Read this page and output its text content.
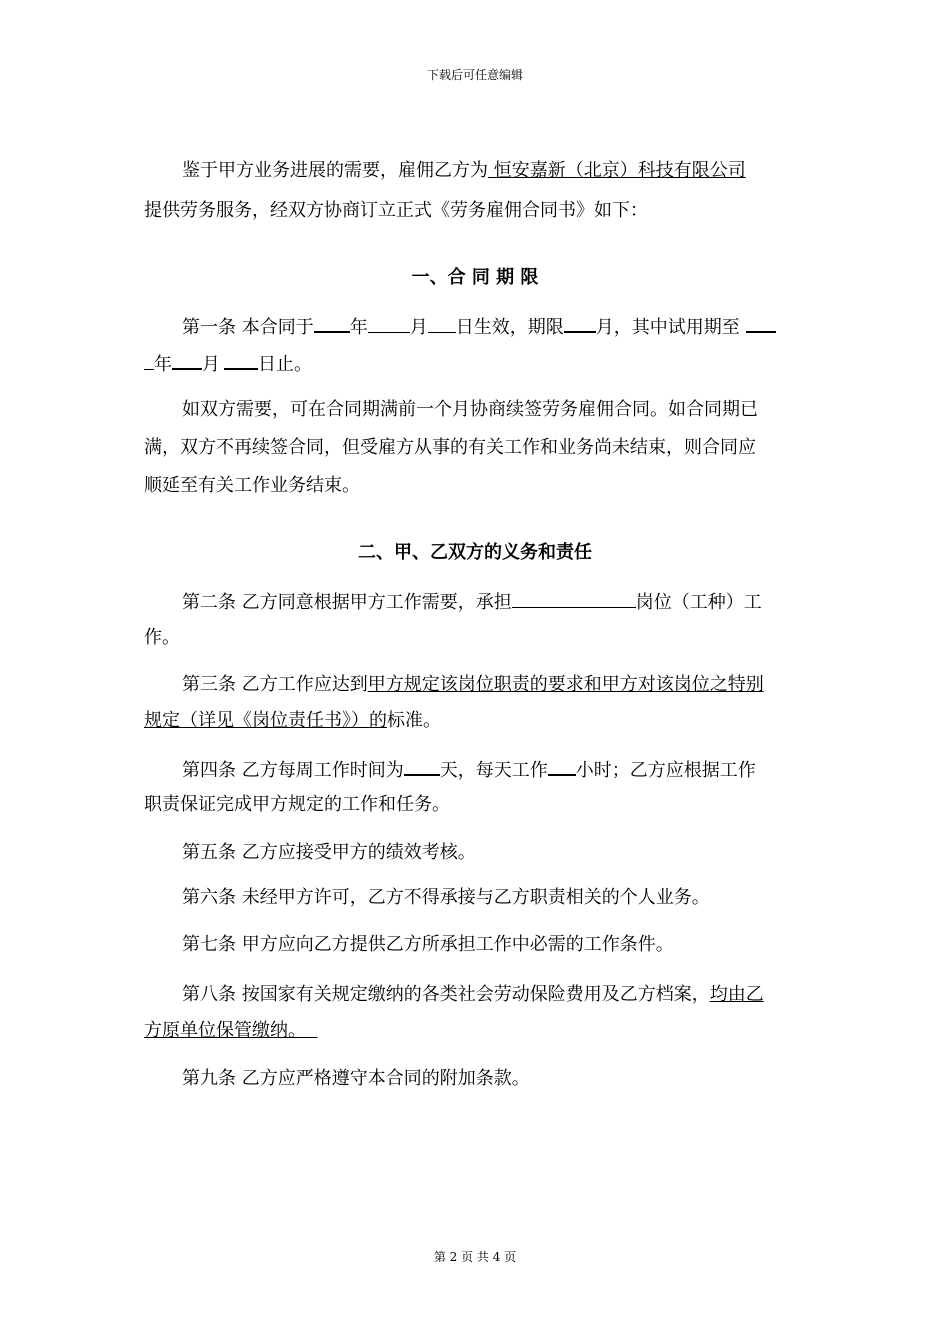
下载后可任意编辑
鉴于甲方业务进展的需要，雇佣乙方为 恒安嘉新（北京）科技有限公司
提供劳务服务，经双方协商订立正式《劳务雇佣合同书》如下：
一、合 同 期 限
第一条 本合同于 年 月 日生效，期限 月，其中试用期至
年 月 日止。
如双方需要，可在合同期满前一个月协商续签劳务雇佣合同。如合同期已
满，双方不再续签合同，但受雇方从事的有关工作和业务尚未结束，则合同应
顺延至有关工作业务结束。
二、甲、乙双方的义务和责任
第二条 乙方同意根据甲方工作需要，承担	岗位（工种）工
作。
第三条 乙方工作应达到甲方规定该岗位职责的要求和甲方对该岗位之特别
规定（详见《岗位责任书》）的标准。
第四条 乙方每周工作时间为 天，每天工作 小时；乙方应根据工作
职责保证完成甲方规定的工作和任务。
第五条 乙方应接受甲方的绩效考核。
第六条 未经甲方许可，乙方不得承接与乙方职责相关的个人业务。
第七条 甲方应向乙方提供乙方所承担工作中必需的工作条件。
第八条 按国家有关规定缴纳的各类社会劳动保险费用及乙方档案，均由乙
方原单位保管缴纳。
第九条 乙方应严格遵守本合同的附加条款。
第 2 页 共 4 页
